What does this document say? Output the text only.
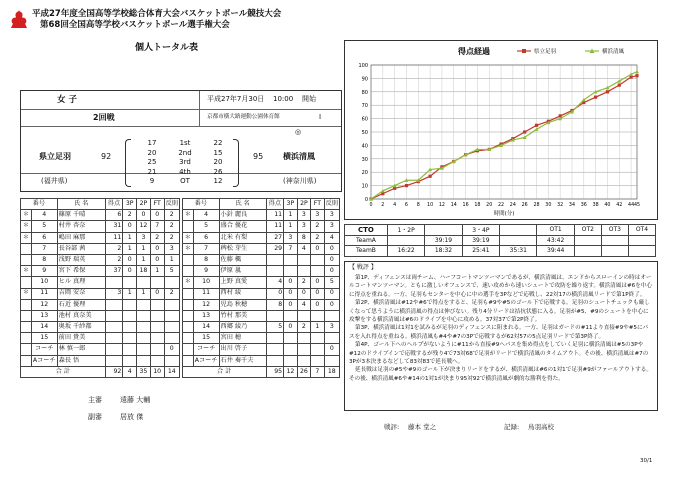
平成27年度全国高等学校総合体育大会バスケットボール競技大会
第68回全国高等学校バスケットボール選手権大会
個人トータル表
女 子	平成27年7月30日 10:00 開始
2回戦	京都市横大路運動公園体育館	Ⅰ
◎
県立足羽	92
(福井県)
95 横浜清風
(神奈川県)
17	1st	22
20	2nd	15
25	3rd	20
21	4th	26
9	OT	12
番号		氏 名	得点	3P	2P	FT	反則
＊	4	篠原 千晴	6	2	0	0	2
＊	5	村井 杏奈	31	0	12	7	2
＊	6	嶋田 麻那	11	1	3	2	2
	7	長谷部 茜	2	1	1	0	3
	8	浅野 瑞英	2	0	1	0	1
＊	9	宮下 希保	37	0	18	1	5
	10	ヒル 真理					
＊	11	吉岡 安奈	3	1	1	0	2
	12	石近 優理					
	13	池村 真奈美					
	14	奥坂 千紗都					
	15	前田 貴美					
	コーチ	林 慎一郎					0
	Aコーチ	森長 悟					
合 計			92	4	35	10	14
番号		氏 名	得点	3P	2P	FT	反則
＊	4	小針 麗良	11	1	3	3	3
	5	盛合 優花	11	1	3	2	3
＊	6	北米 有梨	27	3	8	2	4
＊	7	稗松 芽生	29	7	4	0	0
	8	佐藤 楓					0
	9	伊原 嵐					0
＊	10	上野 真愛	4	0	2	0	5
	11	西村 綾	0	0	0	0	0
	12	児島 秋穂	8	0	4	0	0
	13	竹村 那美					
	14	西郷 綾乃	5	0	2	1	3
	15	宮田 穂					
	コーチ	出川 啓子					0
	Aコーチ	石井 奏千夫					
合 計			95	12	26	7	18
主審	遠藤 大輔
副審	居放 傑
得点経過	県立足羽	横浜清風
0
10
20
30
40
50
60
70
80
90
100
0 2 4 6 8 10 12 14 16 18 20 22 24 26 28 30 32 34 36 38 40 42 44 45
時間(分)
CTO	1・2P		3・4P		OT1	OT2	OT3	OT4
TeamA		39:19	39:19		43:42			
TeamB	16:22	18:32	25:41	35:31	39:44			
【 戦評 】
第1P、ディフェンスは両チーム、ハーフコートマンツーマンであるが、横浜清風は、エンドからスローインの時はオールコートマンツーマン。ともに激しいオフェンスで、速い攻めから速いシュートで攻防を繰り返す。横浜清風は#6を中心に得点を重ねる。一方、足羽もセンターを中心に中の選手を3Pなどで応戦し、22対17の横浜清風リードで第1P終了。
第2P、横浜清風は#12や#6で得点をすると、足羽も#9や#5のゴール下で応戦する。足羽のシュートチェックも厳しくなって思うように横浜清風の得点は伸びない。残り4分リードは拮抗状態に入る。足羽が#5、#9のシュートを中心に攻撃をする横浜清風は#6のドライブを中心に攻める。37対37で第2P終了。
第3P、横浜清風は1対1を試みるが足羽のディフェンスに阻まれる。一方、足羽はガードの#11より直接#9や#5にパスを入れ得点を重ねる。横浜清風も#4や#7の3Pで応戦するが62対57の5点足羽リードで第3P終了。
第4P、ゴール下へのヘルプがないように#11から直接#9へパスを集め得点をしていく足羽に横浜清風は#5の3Pや#12のドライブインで応戦するが残り4で73対68で足羽がリードで横浜清風のタイムアウト。その後、横浜清風は#7の3Pが3本決まるなどして83対83で延長戦へ。
延長戦は足羽の#5や#9のゴール下が決まりリードをするが、横浜清風は#6の1対1で足羽#9がファールアウトする。その後、横浜清風#6や#14の1対1が決まり95対92で横浜清風が劇的な勝利を得た。
戦評: 藤本 堂之	記録: 鳥羽高校
30/1
